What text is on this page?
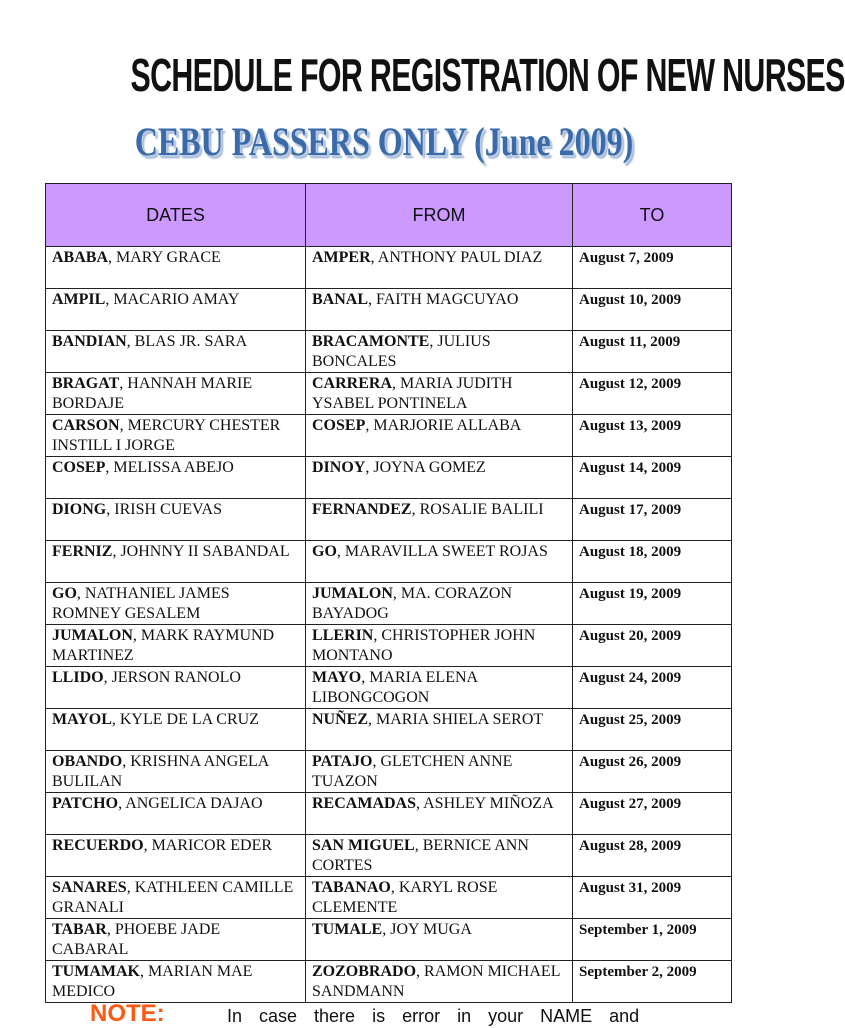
SCHEDULE FOR REGISTRATION OF NEW NURSES
CEBU PASSERS ONLY (June 2009)
DATES	FROM	TO
ABABA, MARY GRACE	AMPER, ANTHONY PAUL DIAZ	August 7, 2009
AMPIL, MACARIO AMAY	BANAL, FAITH MAGCUYAO	August 10, 2009
BANDIAN, BLAS JR. SARA	BRACAMONTE, JULIUS BONCALES	August 11, 2009
BRAGAT, HANNAH MARIE BORDAJE	CARRERA, MARIA JUDITH YSABEL PONTINELA	August 12, 2009
CARSON, MERCURY CHESTER INSTILL I JORGE	COSEP, MARJORIE ALLABA	August 13, 2009
COSEP, MELISSA ABEJO	DINOY, JOYNA GOMEZ	August 14, 2009
DIONG, IRISH CUEVAS	FERNANDEZ, ROSALIE BALILI	August 17, 2009
FERNIZ, JOHNNY II SABANDAL	GO, MARAVILLA SWEET ROJAS	August 18, 2009
GO, NATHANIEL JAMES ROMNEY GESALEM	JUMALON, MA. CORAZON BAYADOG	August 19, 2009
JUMALON, MARK RAYMUND MARTINEZ	LLERIN, CHRISTOPHER JOHN MONTANO	August 20, 2009
LLIDO, JERSON RANOLO	MAYO, MARIA ELENA LIBONGCOGON	August 24, 2009
MAYOL, KYLE DE LA CRUZ	NUÑEZ, MARIA SHIELA SEROT	August 25, 2009
OBANDO, KRISHNA ANGELA BULILAN	PATAJO, GLETCHEN ANNE TUAZON	August 26, 2009
PATCHO, ANGELICA DAJAO	RECAMADAS, ASHLEY MIÑOZA	August 27, 2009
RECUERDO, MARICOR EDER	SAN MIGUEL, BERNICE ANN CORTES	August 28, 2009
SANARES, KATHLEEN CAMILLE GRANALI	TABANAO, KARYL ROSE CLEMENTE	August 31, 2009
TABAR, PHOEBE JADE CABARAL	TUMALE, JOY MUGA	September 1, 2009
TUMAMAK, MARIAN MAE MEDICO	ZOZOBRADO, RAMON MICHAEL SANDMANN	September 2, 2009
NOTE:	In case there is error in your NAME and
